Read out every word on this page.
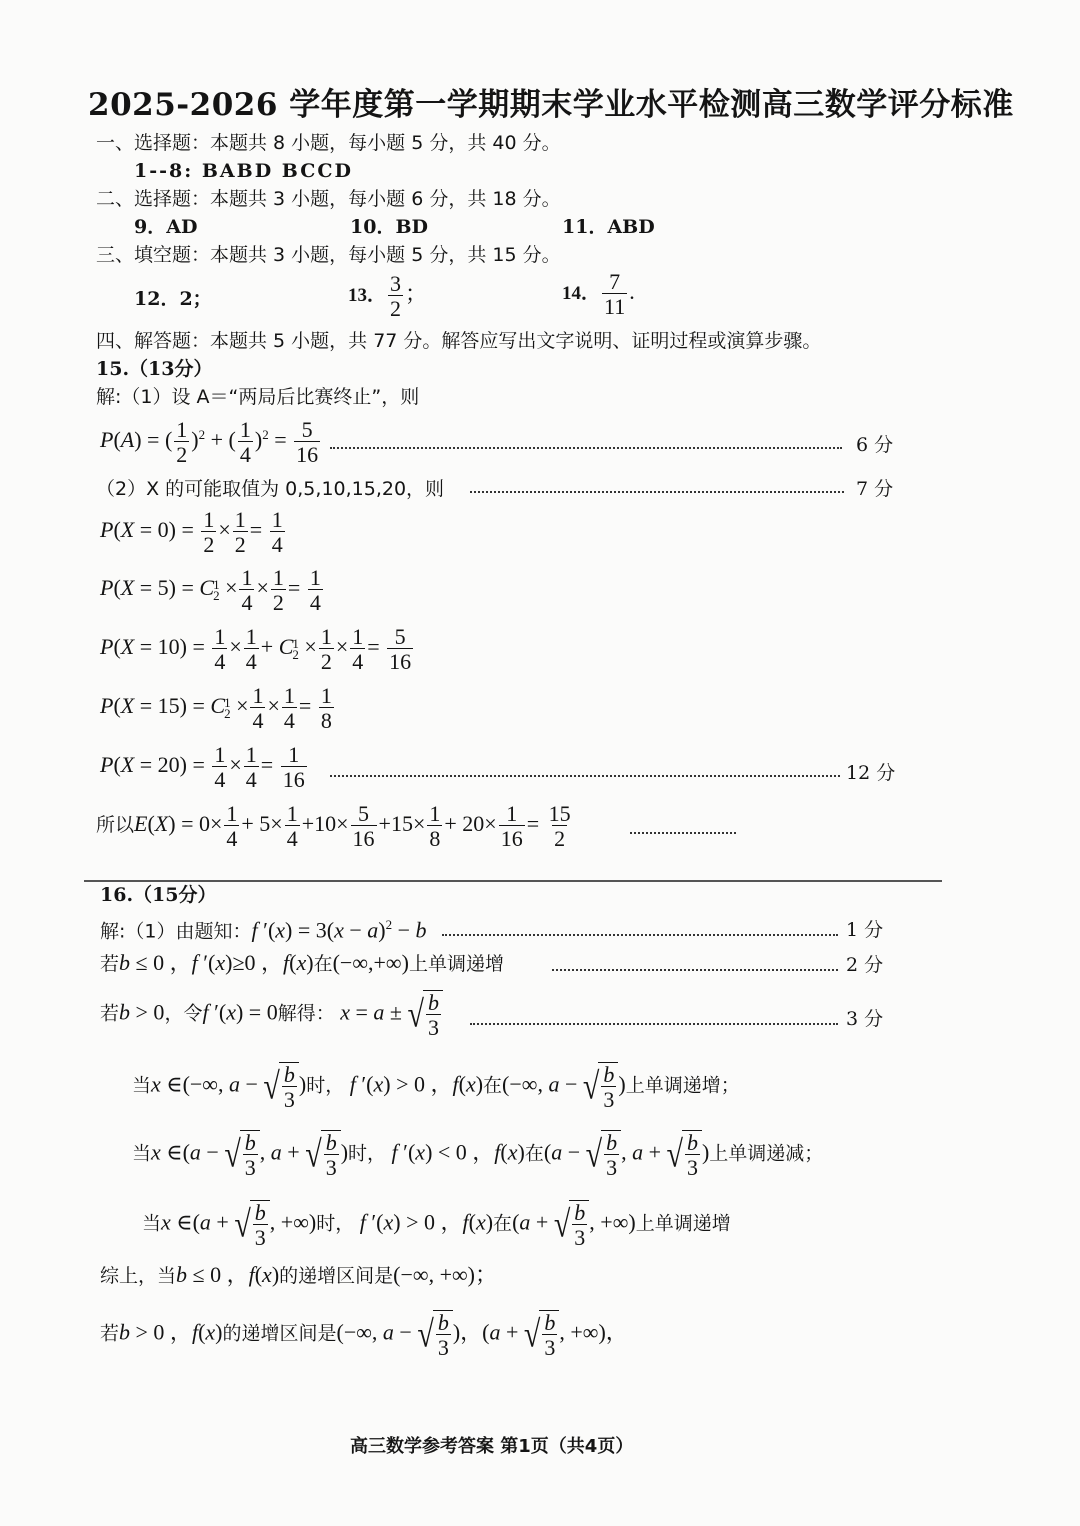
2025-2026 学年度第一学期期末学业水平检测高三数学评分标准
一、选择题：本题共 8 小题，每小题 5 分，共 40 分。
1--8: BABD BCCD
二、选择题：本题共 3 小题，每小题 6 分，共 18 分。
9．AD	10．BD	11．ABD
三、填空题：本题共 3 小题，每小题 5 分，共 15 分。
12．2；	13． $\frac{3}{2}$ ；	14． $\frac{7}{11}$ .
四、解答题：本题共 5 小题，共 77 分。解答应写出文字说明、证明过程或演算步骤。
15.（13分）
解:（1）设 A＝“两局后比赛终止”，则
P(A) = ( $\frac{1}{2} )^2$ + ( $\frac{1}{4} )^2 = \frac{5}{16}$	6 分
（2）X 的可能取值为 0,5,10,15,20，则	7 分
$P(X = 0) = \frac{1}{2} \times \frac{1}{2} = \frac{1}{4}$
P(X = 5) = C 1
$2 \times \frac{1}{4} \times \frac{1}{2} = \frac{1}{4}$
$P(X = 10) = \frac{1}{4} \times \frac{1}{4} + C$ 1
$2 \times \frac{1}{2} \times \frac{1}{4} = \frac{5}{16}$
P(X = 15) = C 1
$2 \times \frac{1}{4} \times \frac{1}{4} = \frac{1}{8}$
$P(X = 20) = \frac{1}{4} \times \frac{1}{4} = \frac{1}{16}$	12 分
所以$E(X) = 0\times \frac{1}{4} + 5\times \frac{1}{4} +10\times \frac{5}{16} +15\times \frac{1}{8} + 20\times \frac{1}{16} = \frac{15}{2}$
16.（15分）
解:（1）由题知：f $'(x) = 3(x - a)^2 - b$	1 分
若b ≤ 0 ，f ′(x)≥0 ，f(x)在(−∞,+∞)上单调递增	2 分
若b > 0，令f ′(x) = 0解得： x = a ± √ $\frac{b}{3}$	3 分
当x ∈(−∞, a − √ $\frac{b}{3}$ )时， f ′(x) > 0 ，f(x)在(−∞, a − √ $\frac{b}{3}$ )上单调递增；
当x ∈(a − √ $\frac{b}{3}$ , a + √ $\frac{b}{3}$ )时， f ′(x) < 0 ，f(x)在(a − √ $\frac{b}{3}$ , a + √ $\frac{b}{3}$ )上单调递减；
当x ∈(a + √ $\frac{b}{3}$ , +∞)时， f ′(x) > 0 ，f(x)在(a + √ $\frac{b}{3}$ , +∞)上单调递增
综上，当b ≤ 0 ，f(x)的递增区间是(−∞, +∞)；
若b > 0 ，f(x)的递增区间是(−∞, a − √ $\frac{b}{3}$ )，(a + √ $\frac{b}{3}$ , +∞)，
高三数学参考答案 第1页（共4页）
